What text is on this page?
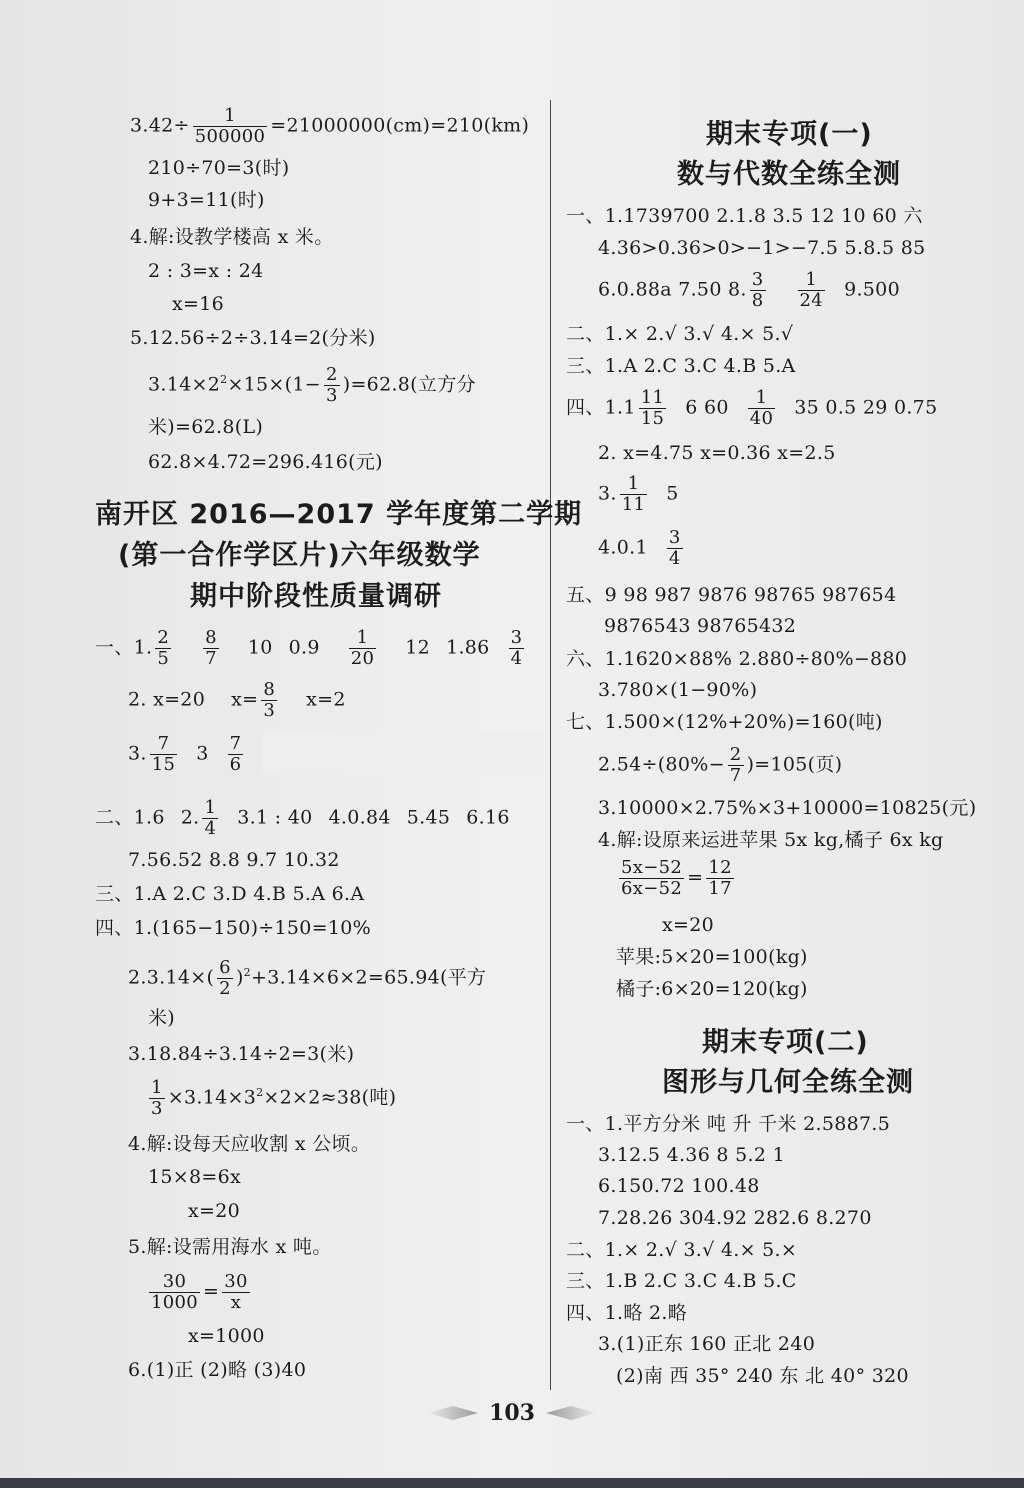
$3.42\div \frac{1}{500000} =21000000(cm)=210(km)$
210÷70=3(时)
9+3=11(时)
4.解:设教学楼高 x 米。
2 : 3=x : 24
x=16
5.12.56÷2÷3.14=2(分米)
$3.14\times 2^2\times 15\times(1- \frac{2}{3} )=62.8$(立方分
米)=62.8(L)
62.8×4.72=296.416(元)
南开区 2016—2017 学年度第二学期
(第一合作学区片)六年级数学
期中阶段性质量调研
一、1. $\frac{2}{5} \frac{8}{7} 10$ $0.9 \frac{1}{20} 12$ $1.86 \frac{3}{4}$
2. x=20 $x= \frac{8}{3} x=2$
3. $\frac{7}{15} 3 \frac{7}{6}$
二、1.6 2. $\frac{1}{4} 3.1$ : 40 4.0.84 5.45 6.16
7.56.52 8.8 9.7 10.32
三、1.A 2.C 3.D 4.B 5.A 6.A
四、1.(165−150)÷150=10%
$2.3.14\times( \frac{6}{2} )^2+3.14\times 6\times 2=65.94$(平方
米)
3.18.84÷3.14÷2=3(米)
$\frac{1}{3} \times 3.14\times 3^2\times 2\times 2\approx 38$(吨)
4.解:设每天应收割 x 公顷。
15×8=6x
x=20
5.解:设需用海水 x 吨。
$\frac{30}{1000} = \frac{30}{x}$
x=1000
6.(1)正 (2)略 (3)40
期末专项(一)
数与代数全练全测
一、1.1739700 2.1.8 3.5 12 10 60 六
4.36>0.36>0>−1>−7.5 5.8.5 85
6.0.88a 7.50 8. $\frac{3}{8} \frac{1}{24} 9.500$
二、1.× 2.√ 3.√ 4.× 5.√
三、1.A 2.C 3.C 4.B 5.A
四、$1.1 \frac{11}{15} 6$ $60 \frac{1}{40} 35$ 0.5 29 0.75
2. x=4.75 x=0.36 x=2.5
3. $\frac{1}{11} 5$
$4.0.1 \frac{3}{4}$
五、9 98 987 9876 98765 987654
9876543 98765432
六、1.1620×88% 2.880÷80%−880
3.780×(1−90%)
七、1.500×(12%+20%)=160(吨)
$2.54\div(80\%- \frac{2}{7} )=105$(页)
3.10000×2.75%×3+10000=10825(元)
4.解:设原来运进苹果 5x kg,橘子 6x kg
$\frac{5x-52}{6x-52} = \frac{12}{17}$
x=20
苹果:5×20=100(kg)
橘子:6×20=120(kg)
期末专项(二)
图形与几何全练全测
一、1.平方分米 吨 升 千米 2.5887.5
3.12.5 4.36 8 5.2 1
6.150.72 100.48
7.28.26 304.92 282.6 8.270
二、1.× 2.√ 3.√ 4.× 5.×
三、1.B 2.C 3.C 4.B 5.C
四、1.略 2.略
3.(1)正东 160 正北 240
(2)南 西 35° 240 东 北 40° 320
103
